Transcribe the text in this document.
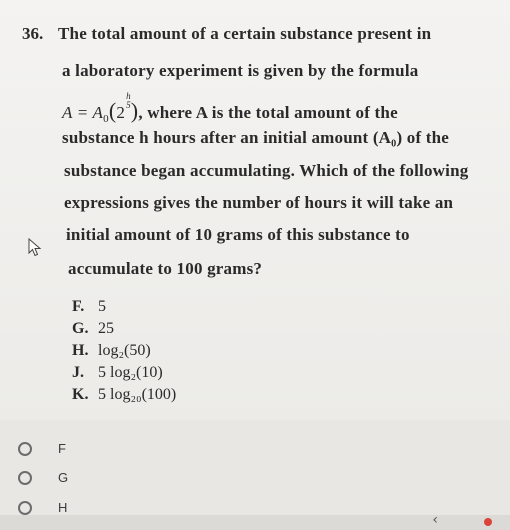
36. The total amount of a certain substance present in
a laboratory experiment is given by the formula
$A = A_0(2h$
5), where A is the total amount of the
substance h hours after an initial amount (A₀) of the
substance began accumulating. Which of the following
expressions gives the number of hours it will take an
initial amount of 10 grams of this substance to
accumulate to 100 grams?
F. 5
G. 25
H. log₂(50)
J. 5 log₂(10)
K. 5 log₂₀(100)
F
G
H
‹
